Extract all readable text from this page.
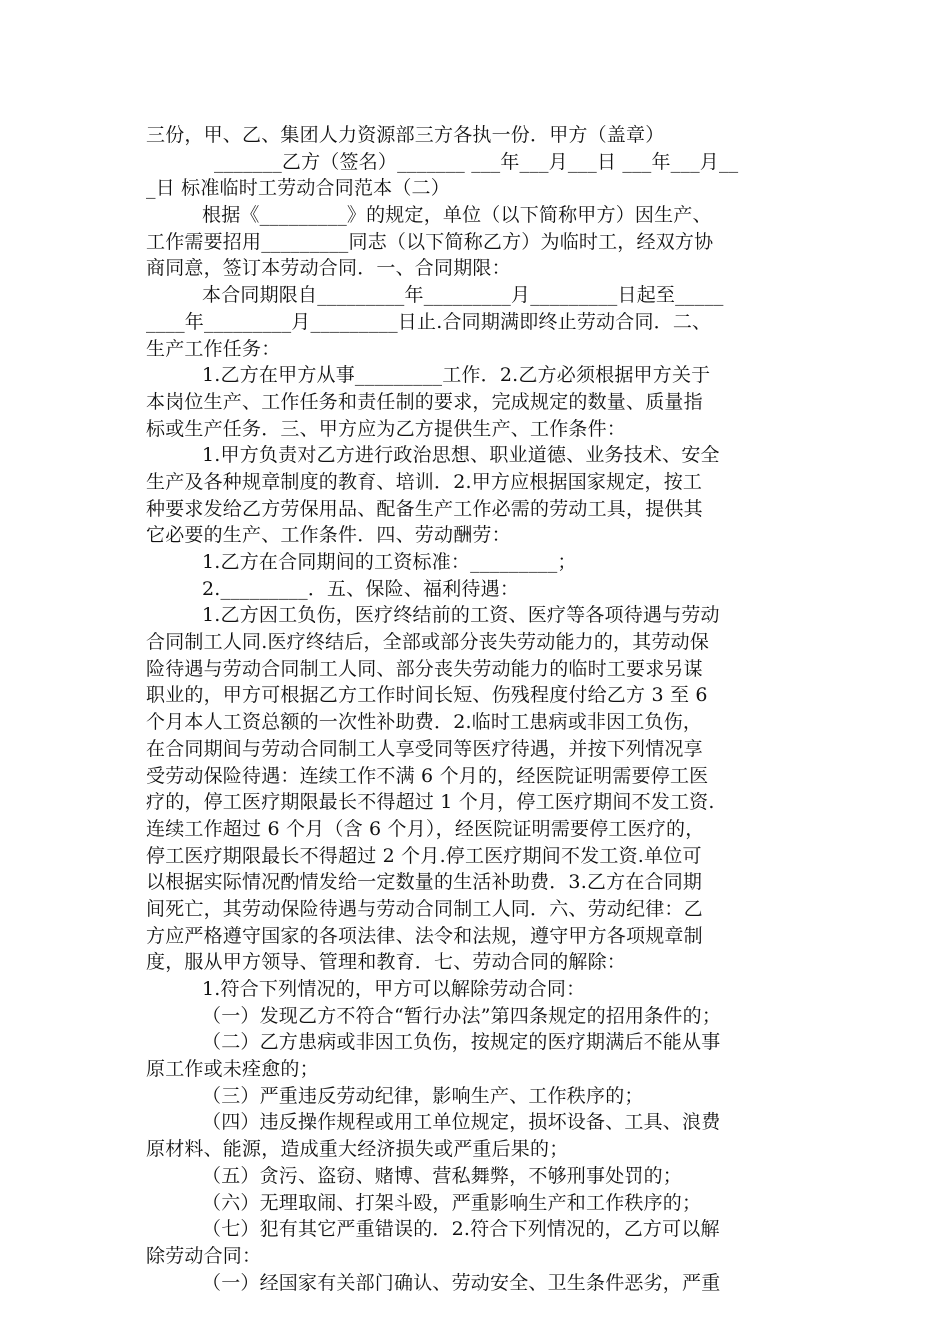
三份，甲、乙、集团人力资源部三方各执一份．甲方（盖章）
_______乙方（签名）_______ ___年___月___日 ___年___月__
_日 标准临时工劳动合同范本（二）
根据《_________》的规定，单位（以下简称甲方）因生产、
工作需要招用_________同志（以下简称乙方）为临时工，经双方协
商同意，签订本劳动合同．一、合同期限：
本合同期限自_________年_________月_________日起至_____
____年_________月_________日止.合同期满即终止劳动合同．二、
生产工作任务：
1.乙方在甲方从事_________工作．2.乙方必须根据甲方关于
本岗位生产、工作任务和责任制的要求，完成规定的数量、质量指
标或生产任务．三、甲方应为乙方提供生产、工作条件：
1.甲方负责对乙方进行政治思想、职业道德、业务技术、安全
生产及各种规章制度的教育、培训．2.甲方应根据国家规定，按工
种要求发给乙方劳保用品、配备生产工作必需的劳动工具，提供其
它必要的生产、工作条件．四、劳动酬劳：
1.乙方在合同期间的工资标准：_________；
2._________．五、保险、福利待遇：
1.乙方因工负伤，医疗终结前的工资、医疗等各项待遇与劳动
合同制工人同.医疗终结后，全部或部分丧失劳动能力的，其劳动保
险待遇与劳动合同制工人同、部分丧失劳动能力的临时工要求另谋
职业的，甲方可根据乙方工作时间长短、伤残程度付给乙方 3 至 6
个月本人工资总额的一次性补助费．2.临时工患病或非因工负伤，
在合同期间与劳动合同制工人享受同等医疗待遇，并按下列情况享
受劳动保险待遇：连续工作不满 6 个月的，经医院证明需要停工医
疗的，停工医疗期限最长不得超过 1 个月，停工医疗期间不发工资.
连续工作超过 6 个月（含 6 个月），经医院证明需要停工医疗的，
停工医疗期限最长不得超过 2 个月.停工医疗期间不发工资.单位可
以根据实际情况酌情发给一定数量的生活补助费．3.乙方在合同期
间死亡，其劳动保险待遇与劳动合同制工人同．六、劳动纪律：乙
方应严格遵守国家的各项法律、法令和法规，遵守甲方各项规章制
度，服从甲方领导、管理和教育．七、劳动合同的解除：
1.符合下列情况的，甲方可以解除劳动合同：
（一）发现乙方不符合“暂行办法”第四条规定的招用条件的；
（二）乙方患病或非因工负伤，按规定的医疗期满后不能从事
原工作或未痊愈的；
（三）严重违反劳动纪律，影响生产、工作秩序的；
（四）违反操作规程或用工单位规定，损坏设备、工具、浪费
原材料、能源，造成重大经济损失或严重后果的；
（五）贪污、盗窃、赌博、营私舞弊，不够刑事处罚的；
（六）无理取闹、打架斗殴，严重影响生产和工作秩序的；
（七）犯有其它严重错误的．2.符合下列情况的，乙方可以解
除劳动合同：
（一）经国家有关部门确认、劳动安全、卫生条件恶劣，严重
